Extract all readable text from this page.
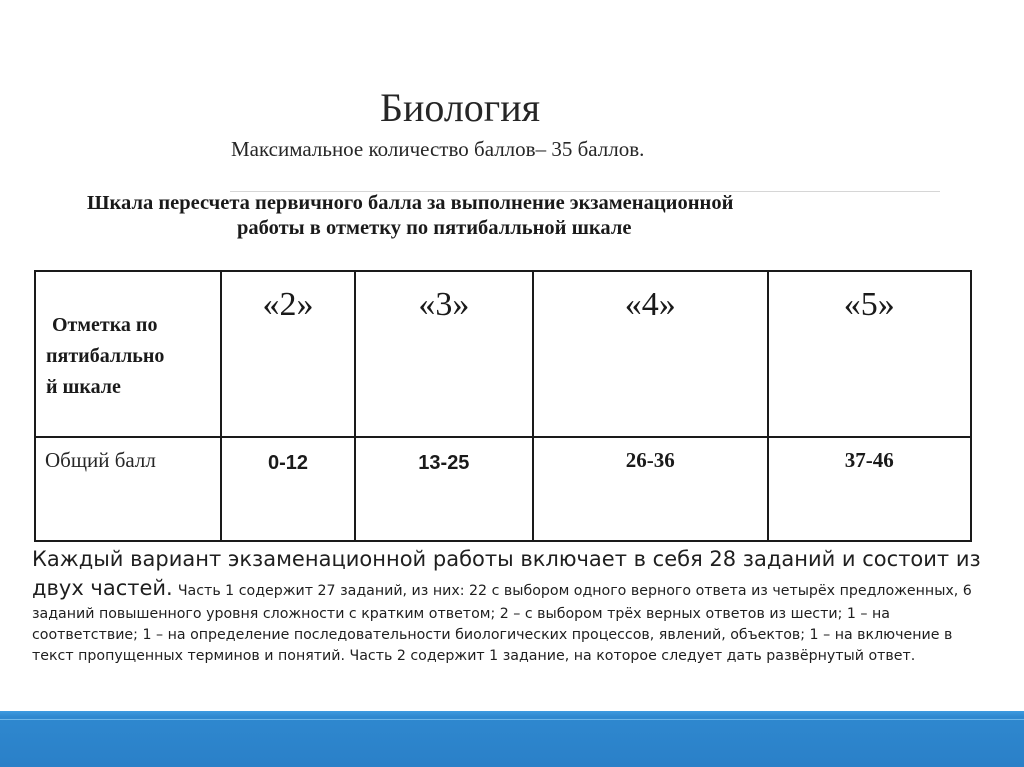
Биология
Максимальное количество баллов– 35 баллов.
Шкала пересчета первичного балла за выполнение экзаменационной
работы в отметку по пятибалльной шкале
Отметка по
пятибалльно
й шкале	«2»	«3»	«4»	«5»

Общий балл	0-12	13-25	26-36	37-46
Каждый вариант экзаменационной работы включает в себя 28 заданий и состоит из двух частей. Часть 1 содержит 27 заданий, из них: 22 с выбором одного верного ответа из четырёх предложенных, 6 заданий повышенного уровня сложности с кратким ответом; 2 – с выбором трёх верных ответов из шести; 1 – на соответствие; 1 – на определение последовательности биологических процессов, явлений, объектов; 1 – на включение в текст пропущенных терминов и понятий. Часть 2 содержит 1 задание, на которое следует дать развёрнутый ответ.
